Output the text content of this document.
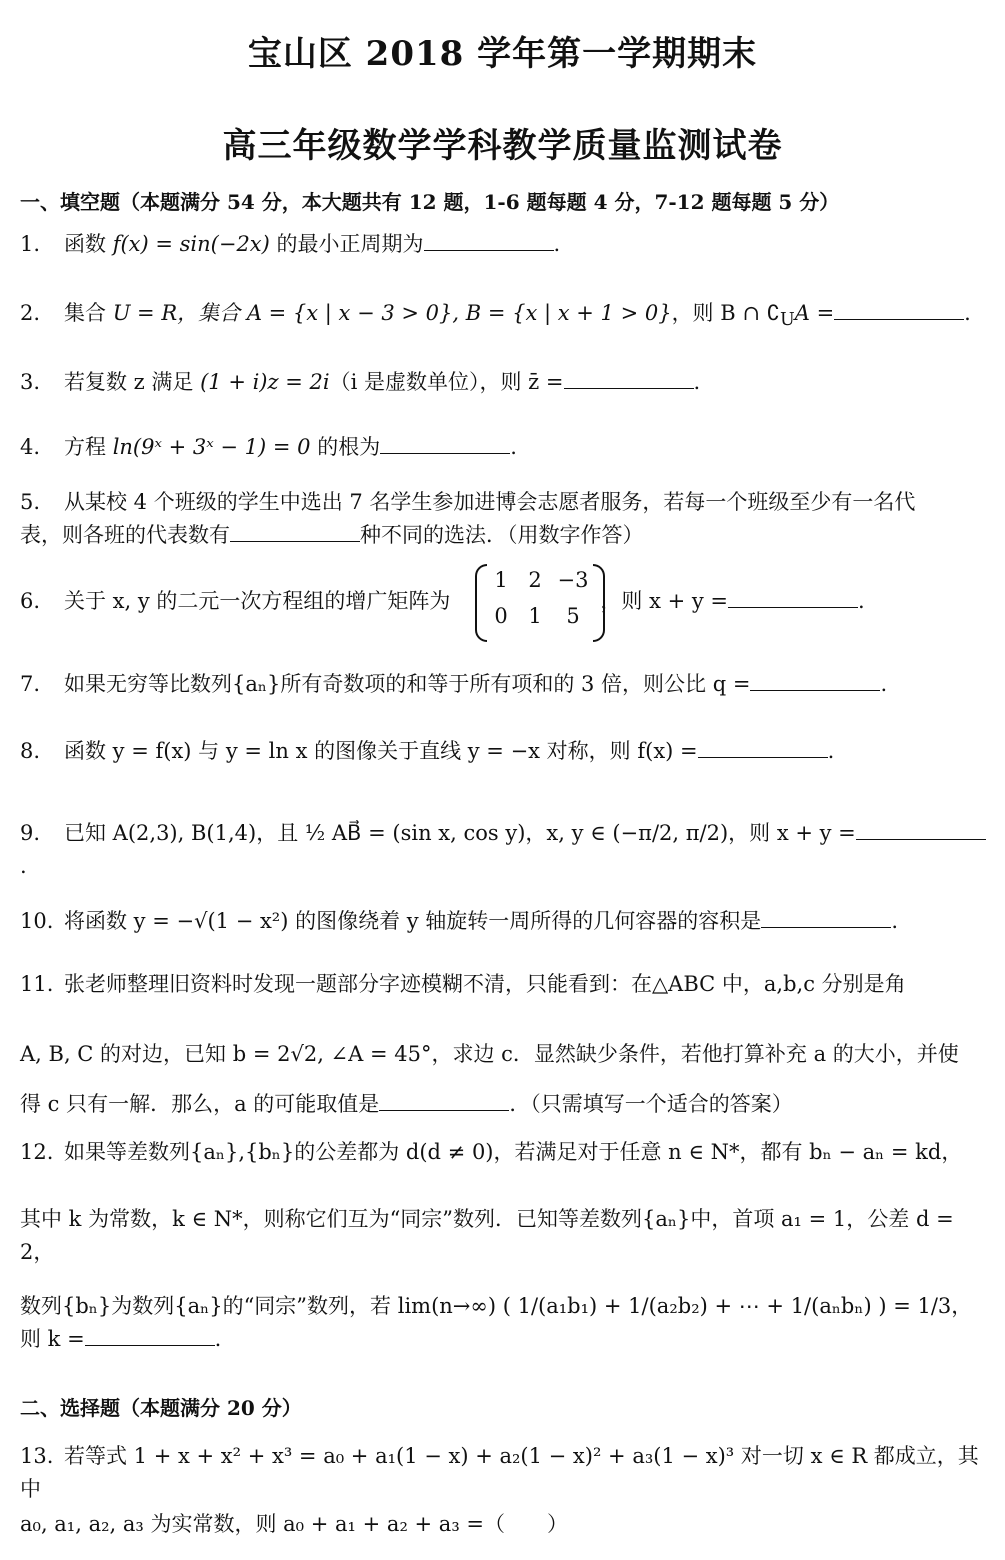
宝山区 2018 学年第一学期期末
高三年级数学学科教学质量监测试卷
一、填空题（本题满分 54 分，本大题共有 12 题，1-6 题每题 4 分，7-12 题每题 5 分）
1. 函数 f(x) = sin(−2x) 的最小正周期为	.
2. 集合 U = R，集合 A = {x | x − 3 > 0}, B = {x | x + 1 > 0}，则 B ∩ $∁_UA$ =	.
3. 若复数 z 满足 (1 + i)z = 2i（i 是虚数单位），则 z̄ =	.
4. 方程 ln(9ˣ + 3ˣ − 1) = 0 的根为	.
5. 从某校 4 个班级的学生中选出 7 名学生参加进博会志愿者服务，若每一个班级至少有一名代
表，则各班的代表数有	种不同的选法．（用数字作答）
6. 关于 x, y 的二元一次方程组的增广矩阵为	，则 x + y =	.
1 2 −3
0 1	5
7. 如果无穷等比数列{aₙ}所有奇数项的和等于所有项和的 3 倍，则公比 q =	.
8. 函数 y = f(x) 与 y = ln x 的图像关于直线 y = −x 对称，则 f(x) =	.
9. 已知 A(2,3), B(1,4)，且 ½ AB⃗ = (sin x, cos y)，x, y ∈ (−π/2, π/2)，则 x + y =.
10. 将函数 y = −√(1 − x²) 的图像绕着 y 轴旋转一周所得的几何容器的容积是	.
11. 张老师整理旧资料时发现一题部分字迹模糊不清，只能看到：在△ABC 中，a,b,c 分别是角
A, B, C 的对边，已知 b = 2√2, ∠A = 45°，求边 c．显然缺少条件，若他打算补充 a 的大小，并使
得 c 只有一解．那么，a 的可能取值是	．（只需填写一个适合的答案）
12. 如果等差数列{aₙ},{bₙ}的公差都为 d(d ≠ 0)，若满足对于任意 n ∈ N*，都有 bₙ − aₙ = kd，
其中 k 为常数，k ∈ N*，则称它们互为“同宗”数列．已知等差数列{aₙ}中，首项 a₁ = 1，公差 d = 2，
数列{bₙ}为数列{aₙ}的“同宗”数列，若 lim(n→∞) ( 1/(a₁b₁) + 1/(a₂b₂) + ⋯ + 1/(aₙbₙ) ) = 1/3，则 k =	.
二、选择题（本题满分 20 分）
13. 若等式 1 + x + x² + x³ = a₀ + a₁(1 − x) + a₂(1 − x)² + a₃(1 − x)³ 对一切 x ∈ R 都成立，其中
a₀, a₁, a₂, a₃ 为实常数，则 a₀ + a₁ + a₂ + a₃ =（　　）
